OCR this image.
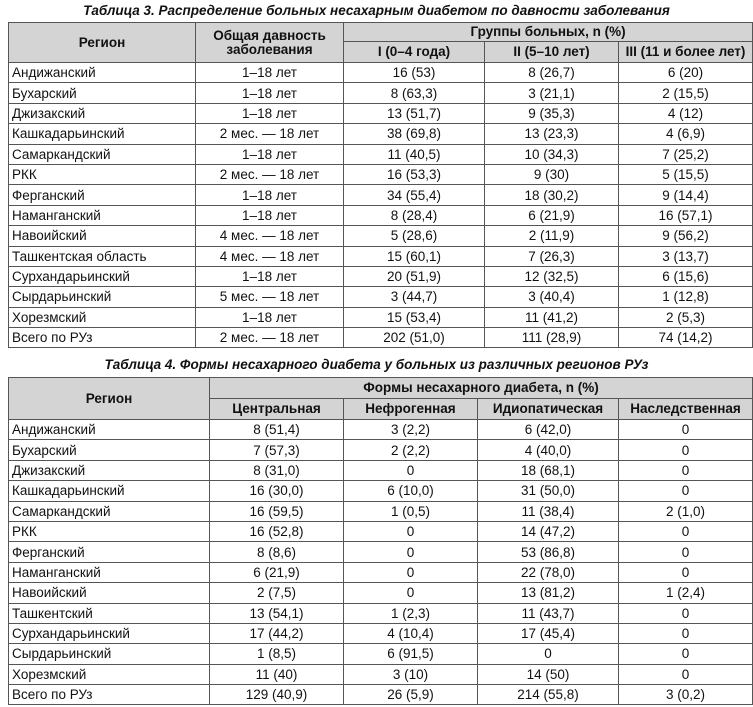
Таблица 3. Распределение больных несахарным диабетом по давности заболевания
Регион	Общая давность заболевания	Группы больных, n (%)		
		I (0–4 года)	II (5–10 лет)	III (11 и более лет)
Андижанский	1–18 лет	16 (53)	8 (26,7)	6 (20)
Бухарский	1–18 лет	8 (63,3)	3 (21,1)	2 (15,5)
Джизакский	1–18 лет	13 (51,7)	9 (35,3)	4 (12)
Кашкадарьинский	2 мес. — 18 лет	38 (69,8)	13 (23,3)	4 (6,9)
Самаркандский	1–18 лет	11 (40,5)	10 (34,3)	7 (25,2)
РКК	2 мес. — 18 лет	16 (53,3)	9 (30)	5 (15,5)
Ферганский	1–18 лет	34 (55,4)	18 (30,2)	9 (14,4)
Наманганский	1–18 лет	8 (28,4)	6 (21,9)	16 (57,1)
Навоийский	4 мес. — 18 лет	5 (28,6)	2 (11,9)	9 (56,2)
Ташкентская область	4 мес. — 18 лет	15 (60,1)	7 (26,3)	3 (13,7)
Сурхандарьинский	1–18 лет	20 (51,9)	12 (32,5)	6 (15,6)
Сырдарьинский	5 мес. — 18 лет	3 (44,7)	3 (40,4)	1 (12,8)
Хорезмский	1–18 лет	15 (53,4)	11 (41,2)	2 (5,3)
Всего по РУз	2 мес. — 18 лет	202 (51,0)	111 (28,9)	74 (14,2)
Таблица 4. Формы несахарного диабета у больных из различных регионов РУз
Регион	Формы несахарного диабета, n (%)			
	Центральная	Нефрогенная	Идиопатическая	Наследственная
Андижанский	8 (51,4)	3 (2,2)	6 (42,0)	0
Бухарский	7 (57,3)	2 (2,2)	4 (40,0)	0
Джизакский	8 (31,0)	0	18 (68,1)	0
Кашкадарьинский	16 (30,0)	6 (10,0)	31 (50,0)	0
Самаркандский	16 (59,5)	1 (0,5)	11 (38,4)	2 (1,0)
РКК	16 (52,8)	0	14 (47,2)	0
Ферганский	8 (8,6)	0	53 (86,8)	0
Наманганский	6 (21,9)	0	22 (78,0)	0
Навоийский	2 (7,5)	0	13 (81,2)	1 (2,4)
Ташкентский	13 (54,1)	1 (2,3)	11 (43,7)	0
Сурхандарьинский	17 (44,2)	4 (10,4)	17 (45,4)	0
Сырдарьинский	1 (8,5)	6 (91,5)	0	0
Хорезмский	11 (40)	3 (10)	14 (50)	0
Всего по РУз	129 (40,9)	26 (5,9)	214 (55,8)	3 (0,2)
